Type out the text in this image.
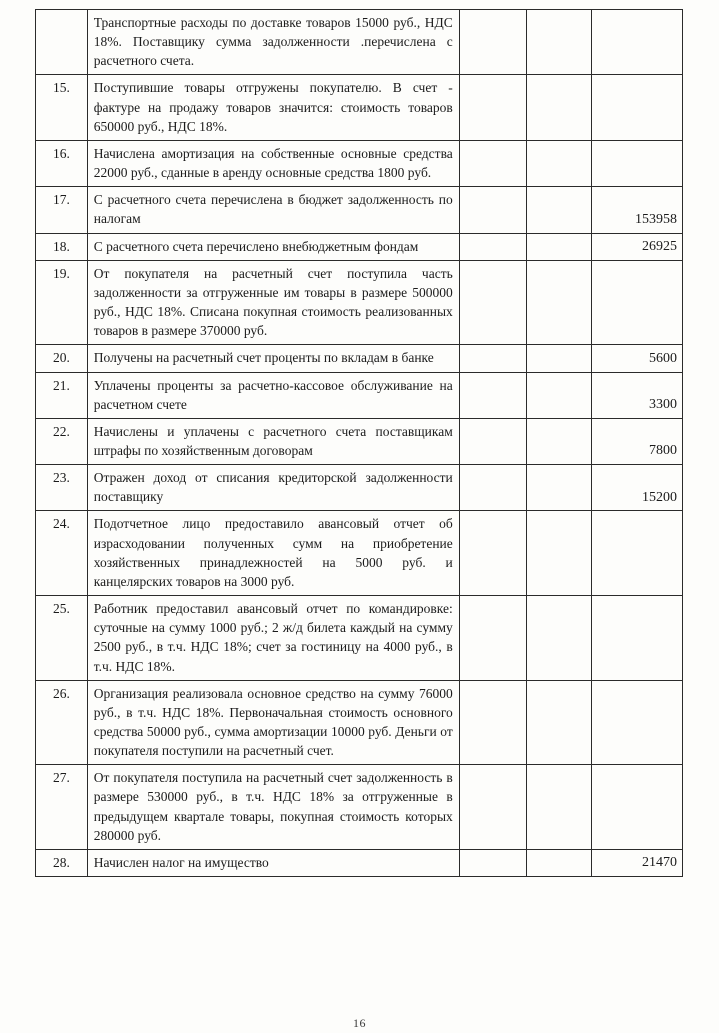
	Транспортные расходы по доставке товаров 15000 руб., НДС 18%. Поставщику сумма задолженности .перечислена с расчетного счета.			
15.	Поступившие товары отгружены покупателю. В счет - фактуре на продажу товаров значится: стоимость товаров 650000 руб., НДС 18%.			
16.	Начислена амортизация на собственные основные средства 22000 руб., сданные в аренду основные средства 1800 руб.			
17.	С расчетного счета перечислена в бюджет задолженность по налогам			153958
18.	С расчетного счета перечислено внебюджетным фондам			26925
19.	От покупателя на расчетный счет поступила часть задолженности за отгруженные им товары в размере 500000 руб., НДС 18%. Списана покупная стоимость реализованных товаров в размере 370000 руб.			
20.	Получены на расчетный счет проценты по вкладам в банке			5600
21.	Уплачены проценты за расчетно-кассовое обслуживание на расчетном счете			3300
22.	Начислены и уплачены с расчетного счета поставщикам штрафы по хозяйственным договорам			7800
23.	Отражен доход от списания кредиторской задолженности поставщику			15200
24.	Подотчетное лицо предоставило авансовый отчет об израсходовании полученных сумм на приобретение хозяйственных принадлежностей на 5000 руб. и канцелярских товаров на 3000 руб.			
25.	Работник предоставил авансовый отчет по командировке: суточные на сумму 1000 руб.; 2 ж/д билета каждый на сумму 2500 руб., в т.ч. НДС 18%; счет за гостиницу на 4000 руб., в т.ч. НДС 18%.			
26.	Организация реализовала основное средство на сумму 76000 руб., в т.ч. НДС 18%. Первоначальная стоимость основного средства 50000 руб., сумма амортизации 10000 руб. Деньги от покупателя поступили на расчетный счет.			
27.	От покупателя поступила на расчетный счет задолженность в размере 530000 руб., в т.ч. НДС 18% за отгруженные в предыдущем квартале товары, покупная стоимость которых 280000 руб.			
28.	Начислен налог на имущество			21470
16
